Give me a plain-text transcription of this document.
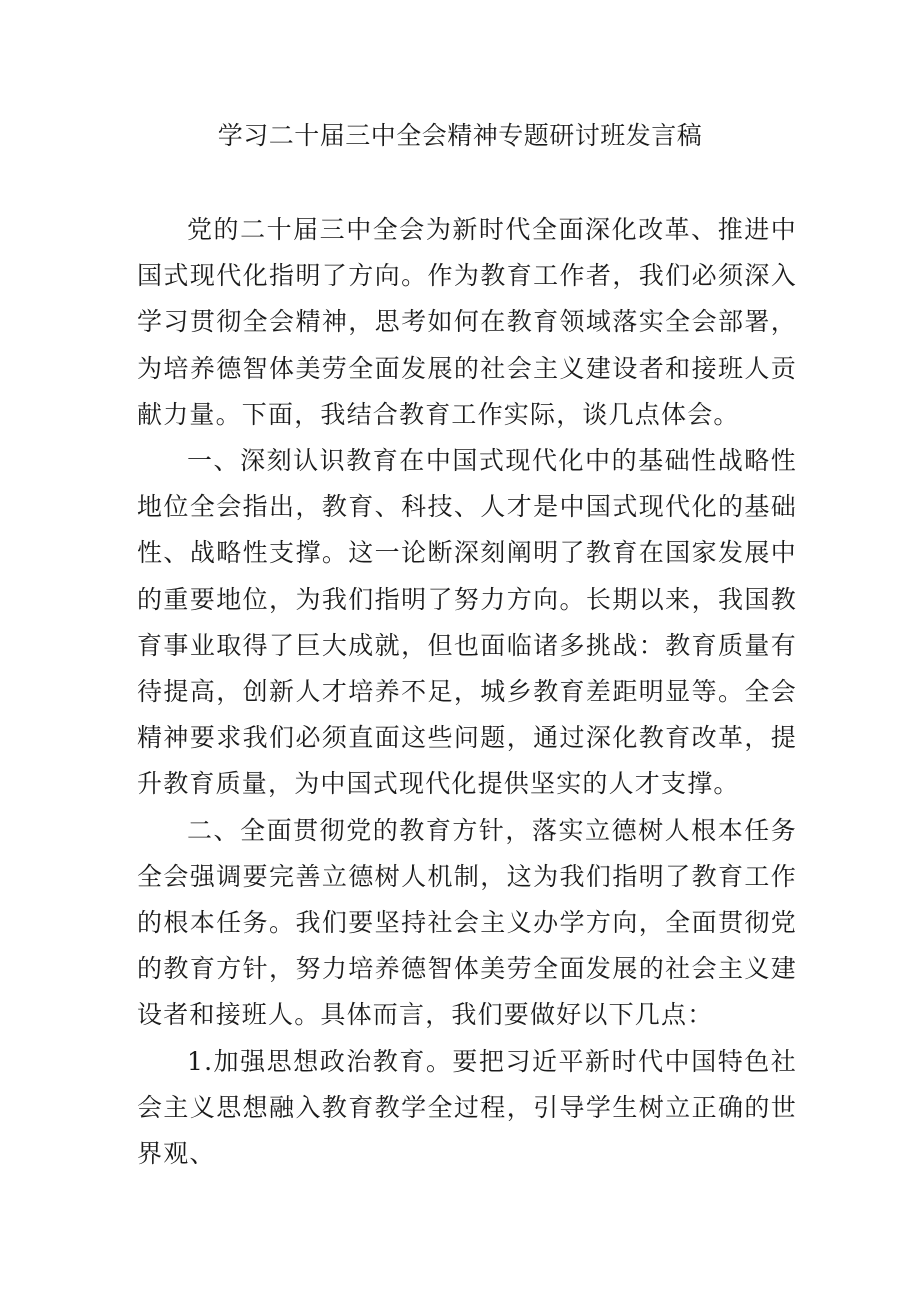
学习二十届三中全会精神专题研讨班发言稿

党的二十届三中全会为新时代全面深化改革、推进中国式现代化指明了方向。作为教育工作者，我们必须深入学习贯彻全会精神，思考如何在教育领域落实全会部署，为培养德智体美劳全面发展的社会主义建设者和接班人贡献力量。下面，我结合教育工作实际，谈几点体会。

一、深刻认识教育在中国式现代化中的基础性战略性地位全会指出，教育、科技、人才是中国式现代化的基础性、战略性支撑。这一论断深刻阐明了教育在国家发展中的重要地位，为我们指明了努力方向。长期以来，我国教育事业取得了巨大成就，但也面临诸多挑战：教育质量有待提高，创新人才培养不足，城乡教育差距明显等。全会精神要求我们必须直面这些问题，通过深化教育改革，提升教育质量，为中国式现代化提供坚实的人才支撑。

二、全面贯彻党的教育方针，落实立德树人根本任务全会强调要完善立德树人机制，这为我们指明了教育工作的根本任务。我们要坚持社会主义办学方向，全面贯彻党的教育方针，努力培养德智体美劳全面发展的社会主义建设者和接班人。具体而言，我们要做好以下几点：

1.加强思想政治教育。要把习近平新时代中国特色社会主义思想融入教育教学全过程，引导学生树立正确的世界观、
